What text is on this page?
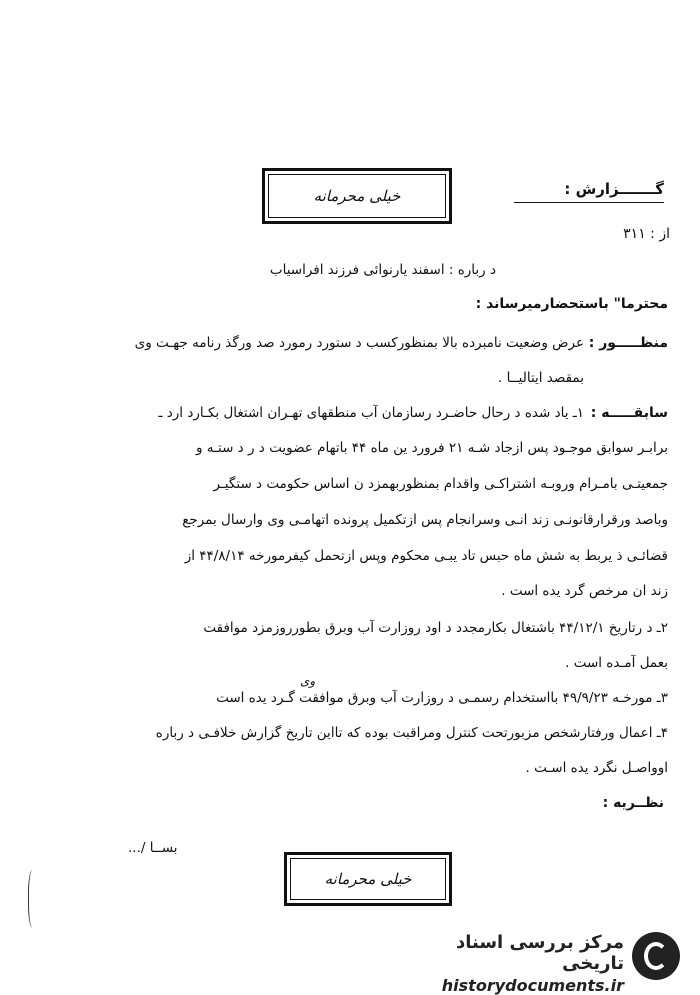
خیلی محرمانه	گـــــــزارش :
از : ۳۱۱
د رباره : اسفند یارنوائی فرزند افراسیاب
محترما" باستحضارمیرساند :
منظـــــور :
عرض وضعیت نامبرده بالا بمنظورکسب د ستورد رمورد صد ورگذ رنامه جهـت وی
بمقصد ایتالیــا .
سابقـــــه :
۱ـ یاد شده د رحال حاضـرد رسازمان آب منطقهای تهـران اشتغال بکـارد ارد ـ
برابـر سوابق موجـود پس ازجاد شـه ۲۱ فرورد ین ماه ۴۴ باتهام عضویت د ر د ستـه و
جمعیتـی بامـرام وروبـه اشتراکـی واقدام بمنظوربهمزد ن اساس حکومت د ستگیـر
وباصد ورقرارقانونـی زند انـی وسرانجام پس ازتکمیل پرونده اتهامـی وی وارسال بمرجع
قضائـی ذ یربط به شش ماه حبس تاد یبـی محکوم وپس ازتحمل کیفرمورخه ۴۴/۸/۱۴ از
زند ان مرخص گرد یده است .
۲ـ د رتاریخ ۴۴/۱۲/۱ باشتغال بکارمجدد د اود روزارت آب وبرق بطورروزمزد موافقت
بعمل آمـده است .
وی
۳ـ مورخـه ۴۹/۹/۲۳ بااستخدام رسمـی د روزارت آب وبرق موافقت گـرد یده است
۴ـ اعمال ورفتارشخص مزبورتحت کنترل ومراقبت بوده که تااین تاریخ گزارش خلافـی د رباره
اوواصـل نگرد یده اسـت .
نظــریه :
بســا /...
خیلی محرمانه
مرکز بررسی اسناد تاریخی
historydocuments.ir
